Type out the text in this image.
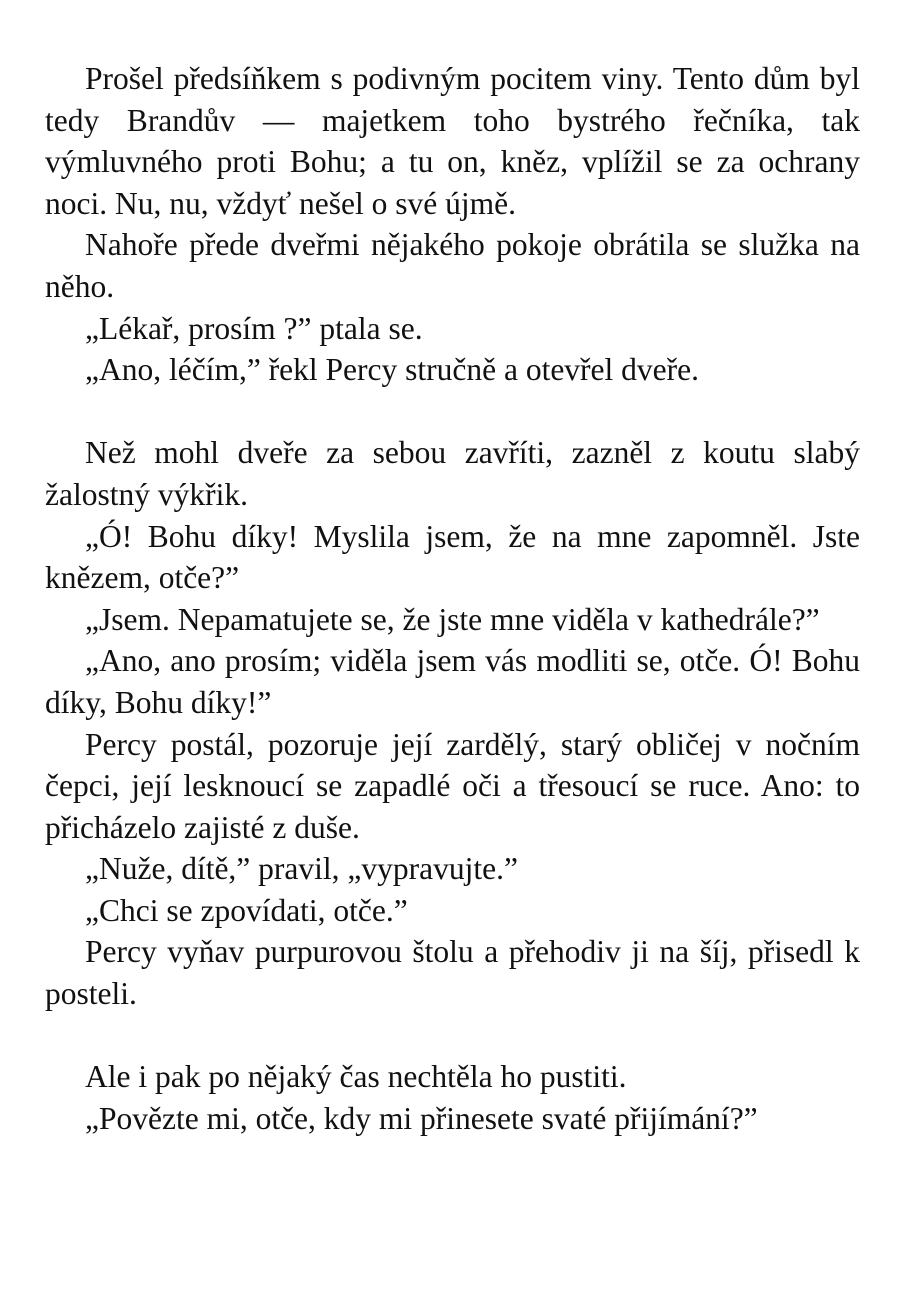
Prošel předsíňkem s podivným pocitem viny. Tento dům byl tedy Brandův — majetkem toho bystrého řečníka, tak výmluvného proti Bohu; a tu on, kněz, vplížil se za ochrany noci. Nu, nu, vždyť nešel o své újmě.

Nahoře přede dveřmi nějakého pokoje obrátila se služka na něho.

„Lékař, prosím ?” ptala se.

„Ano, léčím,” řekl Percy stručně a otevřel dveře.

Než mohl dveře za sebou zavříti, zazněl z koutu slabý žalostný výkřik.

„Ó! Bohu díky! Myslila jsem, že na mne zapomněl. Jste knězem, otče?”

„Jsem. Nepamatujete se, že jste mne viděla v kathedrále?”

„Ano, ano prosím; viděla jsem vás modliti se, otče. Ó! Bohu díky, Bohu díky!”

Percy postál, pozoruje její zardělý, starý obličej v nočním čepci, její lesknoucí se zapadlé oči a třesoucí se ruce. Ano: to přicházelo zajisté z duše.

„Nuže, dítě,” pravil, „vypravujte.”

„Chci se zpovídati, otče.”

Percy vyňav purpurovou štolu a přehodiv ji na šíj, přisedl k posteli.

Ale i pak po nějaký čas nechtěla ho pustiti.

„Povězte mi, otče, kdy mi přinesete svaté přijímání?”
